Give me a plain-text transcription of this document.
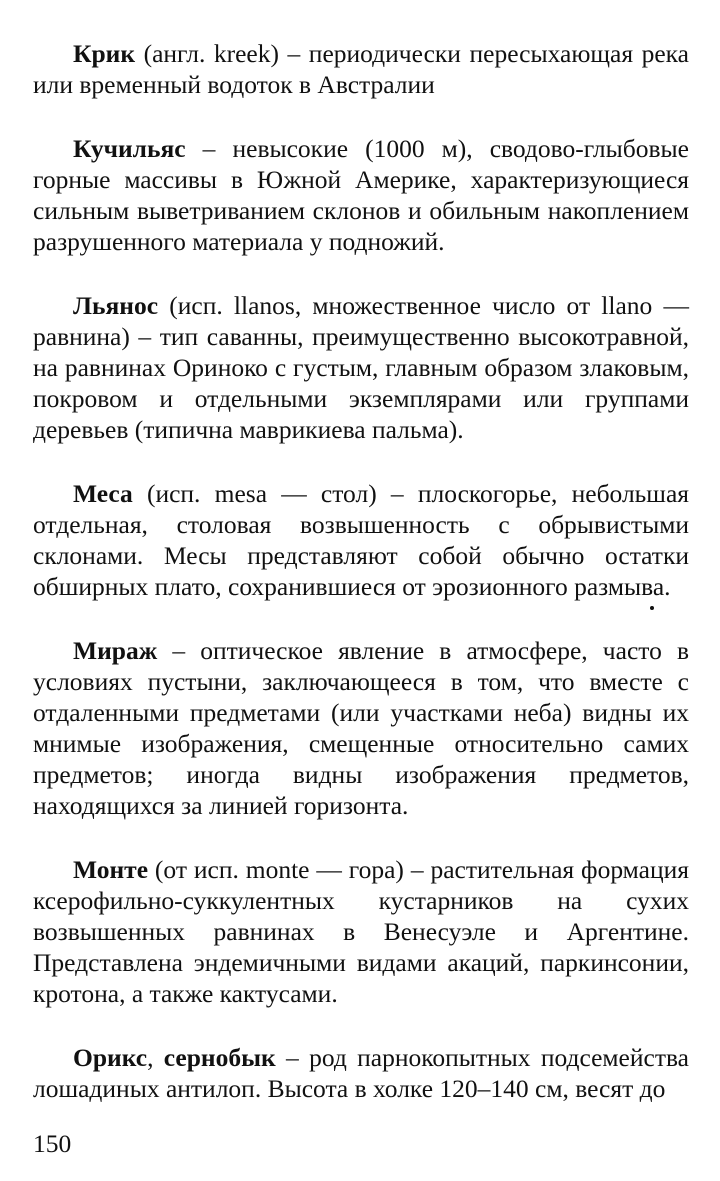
Крик (англ. kreek) – периодически пересыхающая река или временный водоток в Австралии

Кучильяс – невысокие (1000 м), сводово-глыбовые горные массивы в Южной Америке, характеризующиеся сильным выветриванием склонов и обильным накоплением разрушенного материала у подножий.

Льянос (исп. llanos, множественное число от llano — равнина) – тип саванны, преимущественно высокотравной, на равнинах Ориноко с густым, главным образом злаковым, покровом и отдельными экземплярами или группами деревьев (типична маврикиева пальма).

Меса (исп. mesa — стол) – плоскогорье, небольшая отдельная, столовая возвышенность с обрывистыми склонами. Месы представляют собой обычно остатки обширных плато, сохранившиеся от эрозионного размыва.

Мираж – оптическое явление в атмосфере, часто в условиях пустыни, заключающееся в том, что вместе с отдаленными предметами (или участками неба) видны их мнимые изображения, смещенные относительно самих предметов; иногда видны изображения предметов, находящихся за линией горизонта.

Монте (от исп. monte — гора) – растительная формация ксерофильно-суккулентных кустарников на сухих возвышенных равнинах в Венесуэле и Аргентине. Представлена эндемичными видами акаций, паркинсонии, кротона, а также кактусами.

Орикс, сернобык – род парнокопытных подсемейства лошадиных антилоп. Высота в холке 120–140 см, весят до

150
